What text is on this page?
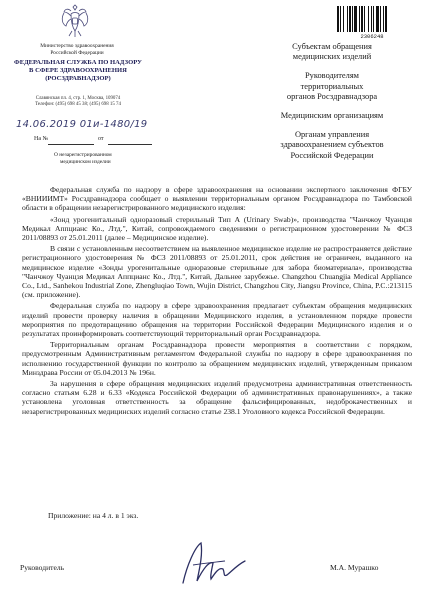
Министерство здравоохранения
Российской Федерации
ФЕДЕРАЛЬНАЯ СЛУЖБА ПО НАДЗОРУ
В СФЕРЕ ЗДРАВООХРАНЕНИЯ
(РОСЗДРАВНАДЗОР)
Славянская пл. 4, стр. 1, Москва, 109074
Телефон: (495) 698 45 38; (495) 698 15 74
14.06.2019 01и-1480/19
На №	от
О незарегистрированном
медицинском изделии
2306248
Субъектам обращения
медицинских изделий
Руководителям
территориальных
органов Росздравнадзора
Медицинским организациям
Органам управления
здравоохранением субъектов
Российской Федерации

Федеральная служба по надзору в сфере здравоохранения на основании экспертного заключения ФГБУ «ВНИИИМТ» Росздравнадзора сообщает о выявлении территориальным органом Росздравнадзора по Тамбовской области в обращении незарегистрированного медицинского изделия:

«Зонд урогенитальный одноразовый стерильный Тип А (Urinary Swab)», производства "Чанчжоу Чуанцзя Медикал Аппцианс Ко., Лтд.", Китай, сопровождаемого сведениями о регистрационном удостоверении № ФСЗ 2011/08893 от 25.01.2011 (далее – Медицинское изделие).

В связи с установленным несоответствием на выявленное медицинское изделие не распространяется действие регистрационного удостоверения № ФСЗ 2011/08893 от 25.01.2011, срок действия не ограничен, выданного на медицинское изделие «Зонды урогенитальные одноразовые стерильные для забора биоматериала», производства "Чанчжоу Чуанцзя Медикал Аппцианс Ко., Лтд.", Китай, Дальнее зарубежье. Changzhou Chuangjia Medical Appliance Co., Ltd., Sanhekou Industrial Zone, Zhengluqiao Town, Wujin District, Changzhou City, Jiangsu Province, China, P.C.:213115 (см. приложение).

Федеральная служба по надзору в сфере здравоохранения предлагает субъектам обращения медицинских изделий провести проверку наличия в обращении Медицинского изделия, в установленном порядке провести мероприятия по предотвращению обращения на территории Российской Федерации Медицинского изделия и о результатах проинформировать соответствующий территориальный орган Росздравнадзора.

Территориальным органам Росздравнадзора провести мероприятия в соответствии с порядком, предусмотренным Административным регламентом Федеральной службы по надзору в сфере здравоохранения по исполнению государственной функции по контролю за обращением медицинских изделий, утвержденным приказом Минздрава России от 05.04.2013 № 196н.

За нарушения в сфере обращения медицинских изделий предусмотрена административная ответственность согласно статьям 6.28 и 6.33 «Кодекса Российской Федерации об административных правонарушениях», а также установлена уголовная ответственность за обращение фальсифицированных, недоброкачественных и незарегистрированных медицинских изделий согласно статье 238.1 Уголовного кодекса Российской Федерации.

Приложение: на 4 л. в 1 экз.
Руководитель	М.А. Мурашко
